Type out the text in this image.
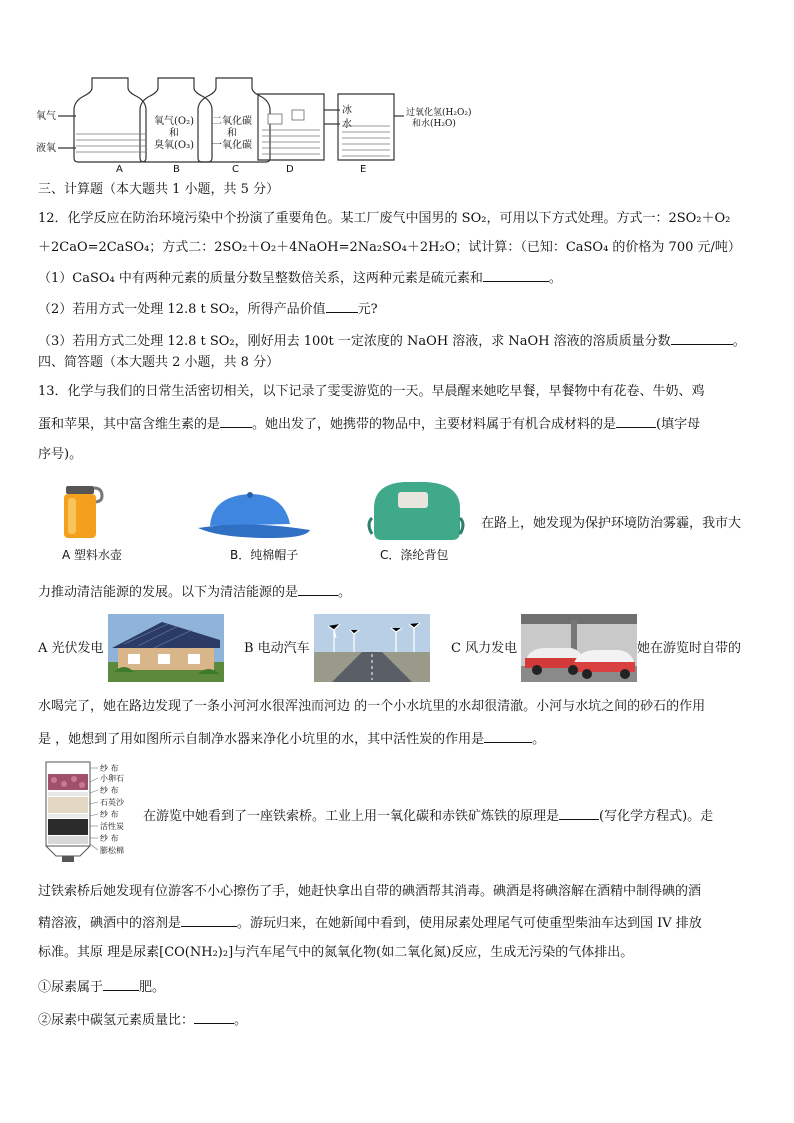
氧气
液氧
氧气(O₂)
和
臭氧(O₃)
二氧化碳
和
一氧化碳
冰
水
过氧化氢(H₂O₂)
和水(H₂O)
A	B	C	D	E
三、计算题（本大题共 1 小题，共 5 分）
12．化学反应在防治环境污染中个扮演了重要角色。某工厂废气中国男的 SO₂，可用以下方式处理。方式一：2SO₂＋O₂
＋2CaO=2CaSO₄；方式二：2SO₂＋O₂＋4NaOH=2Na₂SO₄＋2H₂O；试计算：（已知：CaSO₄ 的价格为 700 元/吨）
（1）CaSO₄ 中有两种元素的质量分数呈整数倍关系，这两种元素是硫元素和	。
（2）若用方式一处理 12.8 t SO₂，所得产品价值 元?
（3）若用方式二处理 12.8 t SO₂，刚好用去 100t 一定浓度的 NaOH 溶液，求 NaOH 溶液的溶质质量分数	。
四、简答题（本大题共 2 小题，共 8 分）
13．化学与我们的日常生活密切相关，以下记录了雯雯游览的一天。早晨醒来她吃早餐，早餐物中有花卷、牛奶、鸡
蛋和苹果，其中富含维生素的是 。她出发了，她携带的物品中，主要材料属于有机合成材料的是	(填字母
序号)。
A 塑料水壶	B．纯棉帽子	C．涤纶背包
在路上，她发现为保护环境防治雾霾，我市大
力推动清洁能源的发展。以下为清洁能源的是	。
A 光伏发电	B 电动汽车	C 风力发电	她在游览时自带的
水喝完了，她在路边发现了一条小河河水很浑浊而河边 的一个小水坑里的水却很清澈。小河与水坑之间的砂石的作用
是 ，她想到了用如图所示自制净水器来净化小坑里的水，其中活性炭的作用是	。
纱 布
小卵石
纱 布
石英沙
纱 布
活性炭
纱 布
膨松棉
在游览中她看到了一座铁索桥。工业上用一氧化碳和赤铁矿炼铁的原理是	(写化学方程式)。走
过铁索桥后她发现有位游客不小心擦伤了手，她赶快拿出自带的碘酒帮其消毒。碘酒是将碘溶解在酒精中制得碘的酒
精溶液，碘酒中的溶剂是	。游玩归来，在她新闻中看到，使用尿素处理尾气可使重型柴油车达到国 IV 排放
标准。其原 理是尿素[CO(NH₂)₂]与汽车尾气中的氮氧化物(如二氧化氮)反应，生成无污染的气体排出。
①尿素属于	肥。
②尿素中碳氢元素质量比：	。
